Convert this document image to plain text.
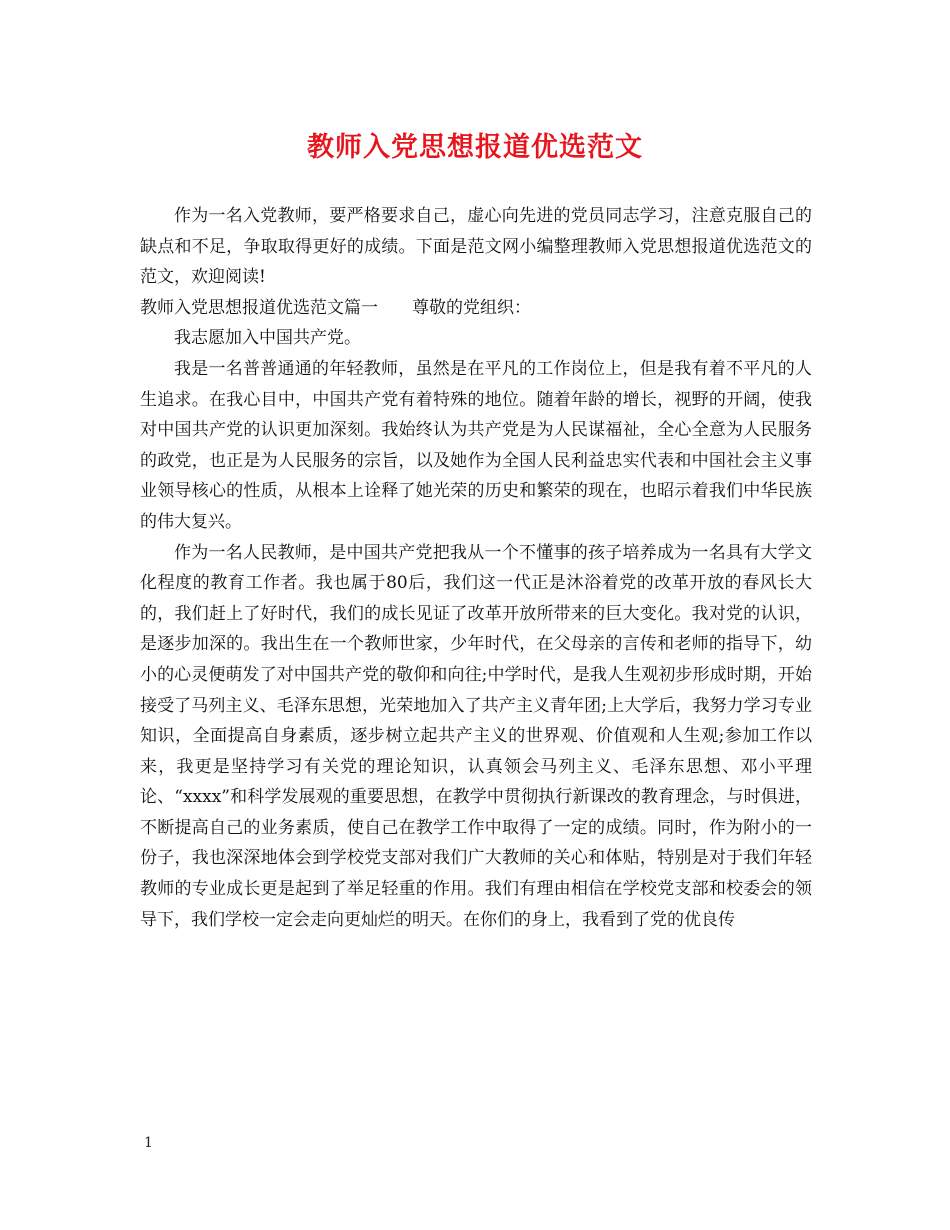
教师入党思想报道优选范文

作为一名入党教师，要严格要求自己，虚心向先进的党员同志学习，注意克服自己的缺点和不足，争取取得更好的成绩。下面是范文网小编整理教师入党思想报道优选范文的范文，欢迎阅读!

教师入党思想报道优选范文篇一　　尊敬的党组织：

我志愿加入中国共产党。

我是一名普普通通的年轻教师，虽然是在平凡的工作岗位上，但是我有着不平凡的人生追求。在我心目中，中国共产党有着特殊的地位。随着年龄的增长，视野的开阔，使我对中国共产党的认识更加深刻。我始终认为共产党是为人民谋福祉，全心全意为人民服务的政党，也正是为人民服务的宗旨，以及她作为全国人民利益忠实代表和中国社会主义事业领导核心的性质，从根本上诠释了她光荣的历史和繁荣的现在，也昭示着我们中华民族的伟大复兴。

作为一名人民教师，是中国共产党把我从一个不懂事的孩子培养成为一名具有大学文化程度的教育工作者。我也属于80后，我们这一代正是沐浴着党的改革开放的春风长大的，我们赶上了好时代，我们的成长见证了改革开放所带来的巨大变化。我对党的认识，是逐步加深的。我出生在一个教师世家，少年时代，在父母亲的言传和老师的指导下，幼小的心灵便萌发了对中国共产党的敬仰和向往;中学时代，是我人生观初步形成时期，开始接受了马列主义、毛泽东思想，光荣地加入了共产主义青年团;上大学后，我努力学习专业知识，全面提高自身素质，逐步树立起共产主义的世界观、价值观和人生观;参加工作以来，我更是坚持学习有关党的理论知识，认真领会马列主义、毛泽东思想、邓小平理论、“xxxx”和科学发展观的重要思想，在教学中贯彻执行新课改的教育理念，与时俱进，不断提高自己的业务素质，使自己在教学工作中取得了一定的成绩。同时，作为附小的一份子，我也深深地体会到学校党支部对我们广大教师的关心和体贴，特别是对于我们年轻教师的专业成长更是起到了举足轻重的作用。我们有理由相信在学校党支部和校委会的领导下，我们学校一定会走向更灿烂的明天。在你们的身上，我看到了党的优良传

1
